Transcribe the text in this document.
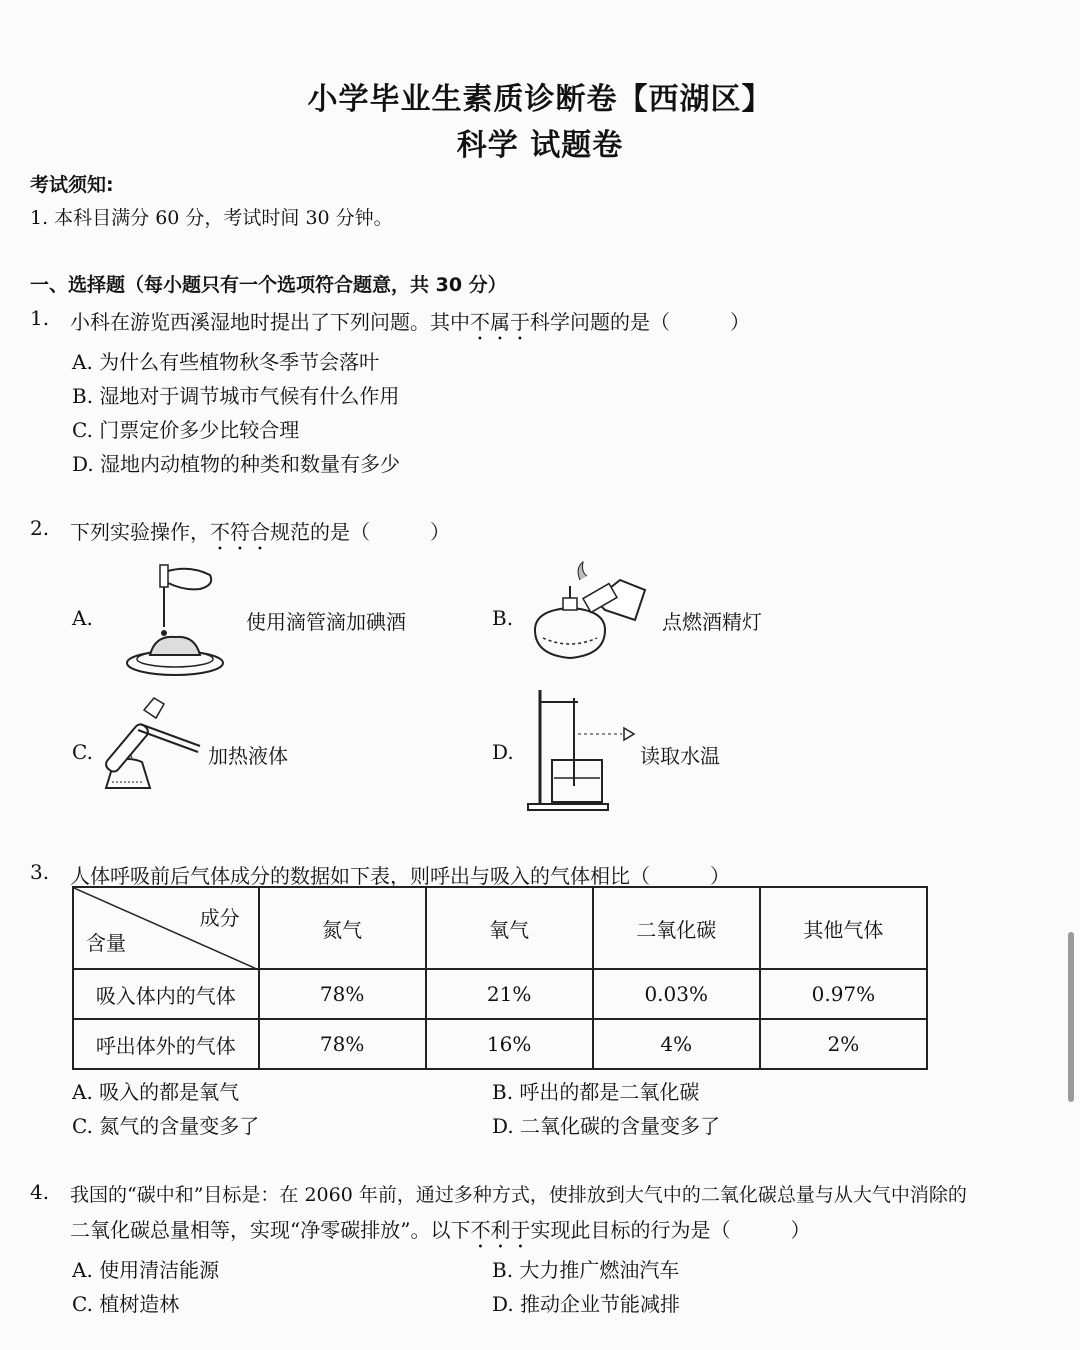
小学毕业生素质诊断卷【西湖区】
科学 试题卷
考试须知:
1. 本科目满分 60 分，考试时间 30 分钟。
一、选择题（每小题只有一个选项符合题意，共 30 分）
1. 小科在游览西溪湿地时提出了下列问题。其中不属于科学问题的是（　　　）
A. 为什么有些植物秋冬季节会落叶
B. 湿地对于调节城市气候有什么作用
C. 门票定价多少比较合理
D. 湿地内动植物的种类和数量有多少
2. 下列实验操作，不符合规范的是（　　　）
A.	使用滴管滴加碘酒	B.	点燃酒精灯
C.	加热液体	D.	读取水温
3. 人体呼吸前后气体成分的数据如下表，则呼出与吸入的气体相比（　　　）
成分
含量	氮气	氧气	二氧化碳	其他气体
吸入体内的气体	78%	21%	0.03%	0.97%
呼出体外的气体	78%	16%	4%	2%
A. 吸入的都是氧气	B. 呼出的都是二氧化碳
C. 氮气的含量变多了	D. 二氧化碳的含量变多了
4. 我国的“碳中和”目标是：在 2060 年前，通过多种方式，使排放到大气中的二氧化碳总量与从大气中消除的
二氧化碳总量相等，实现“净零碳排放”。以下不利于实现此目标的行为是（　　　）
A. 使用清洁能源	B. 大力推广燃油汽车
C. 植树造林	D. 推动企业节能减排
